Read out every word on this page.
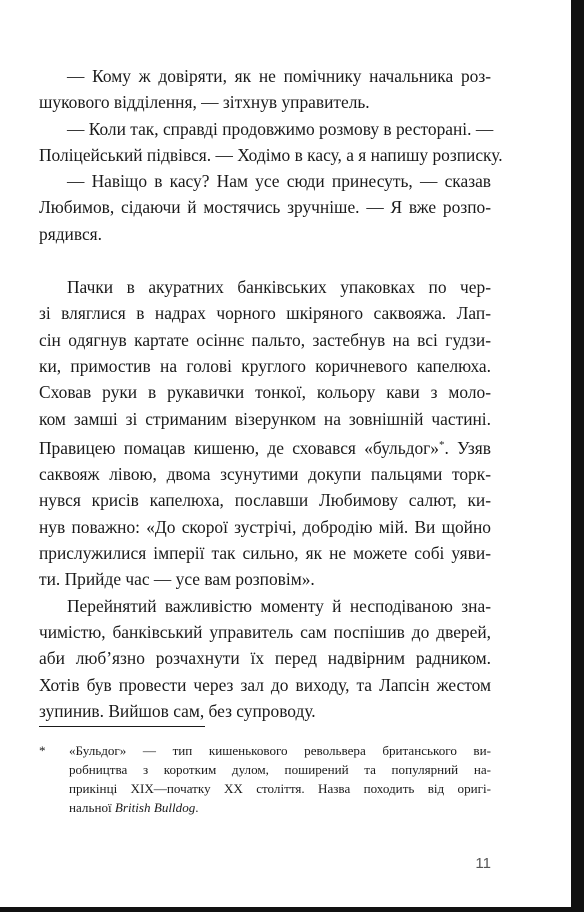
— Кому ж довіряти, як не помічнику начальника роз-
шукового відділення, — зітхнув управитель.
— Коли так, справді продовжимо розмову в ресторані. —
Поліцейський підвівся. — Ходімо в касу, а я напишу розписку.
— Навіщо в касу? Нам усе сюди принесуть, — сказав
Любимов, сідаючи й мостячись зручніше. — Я вже розпо-
рядився.
Пачки в акуратних банківських упаковках по чер-
зі вляглися в надрах чорного шкіряного саквояжа. Лап-
сін одягнув картате осіннє пальто, застебнув на всі гудзи-
ки, примостив на голові круглого коричневого капелюха.
Сховав руки в рукавички тонкої, кольору кави з моло-
ком замші зі стриманим візерунком на зовнішній частині.
Правицею помацав кишеню, де сховався «бульдог»*. Узяв
саквояж лівою, двома зсунутими докупи пальцями торк-
нувся крисів капелюха, пославши Любимову салют, ки-
нув поважно: «До скорої зустрічі, добродію мій. Ви щойно
прислужилися імперії так сильно, як не можете собі уяви-
ти. Прийде час — усе вам розповім».
Перейнятий важливістю моменту й несподіваною зна-
чимістю, банківський управитель сам поспішив до дверей,
аби люб’язно розчахнути їх перед надвірним радником.
Хотів був провести через зал до виходу, та Лапсін жестом
зупинив. Вийшов сам, без супроводу.
* «Бульдог» — тип кишенькового револьвера британського ви-
робництва з коротким дулом, поширений та популярний на-
прикінці XIX—початку XX століття. Назва походить від оригі-
нальної British Bulldog.
11
